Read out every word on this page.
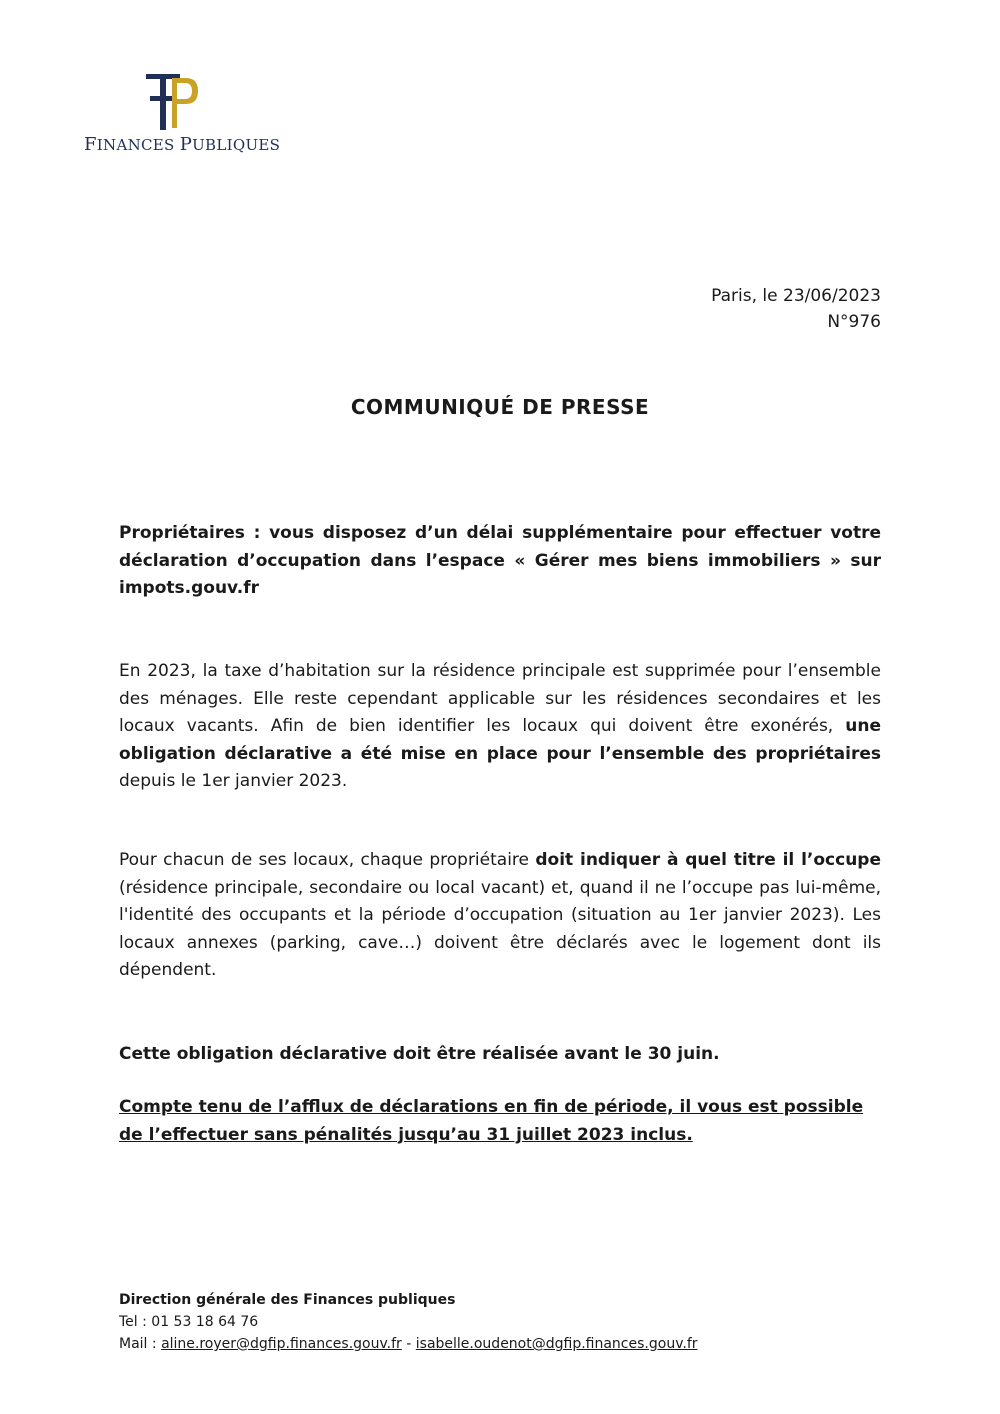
FINANCES PUBLIQUES
Paris, le 23/06/2023
N°976
COMMUNIQUÉ DE PRESSE
Propriétaires : vous disposez d’un délai supplémentaire pour effectuer votre déclaration d’occupation dans l’espace « Gérer mes biens immobiliers » sur impots.gouv.fr
En 2023, la taxe d’habitation sur la résidence principale est supprimée pour l’ensemble des ménages. Elle reste cependant applicable sur les résidences secondaires et les locaux vacants. Afin de bien identifier les locaux qui doivent être exonérés, une obligation déclarative a été mise en place pour l’ensemble des propriétaires depuis le 1er janvier 2023.
Pour chacun de ses locaux, chaque propriétaire doit indiquer à quel titre il l’occupe (résidence principale, secondaire ou local vacant) et, quand il ne l’occupe pas lui-même, l'identité des occupants et la période d’occupation (situation au 1er janvier 2023). Les locaux annexes (parking, cave…) doivent être déclarés avec le logement dont ils dépendent.
Cette obligation déclarative doit être réalisée avant le 30 juin.
Compte tenu de l’afflux de déclarations en fin de période, il vous est possible de l’effectuer sans pénalités jusqu’au 31 juillet 2023 inclus.
Direction générale des Finances publiques
Tel : 01 53 18 64 76
Mail : aline.royer@dgfip.finances.gouv.fr - isabelle.oudenot@dgfip.finances.gouv.fr
